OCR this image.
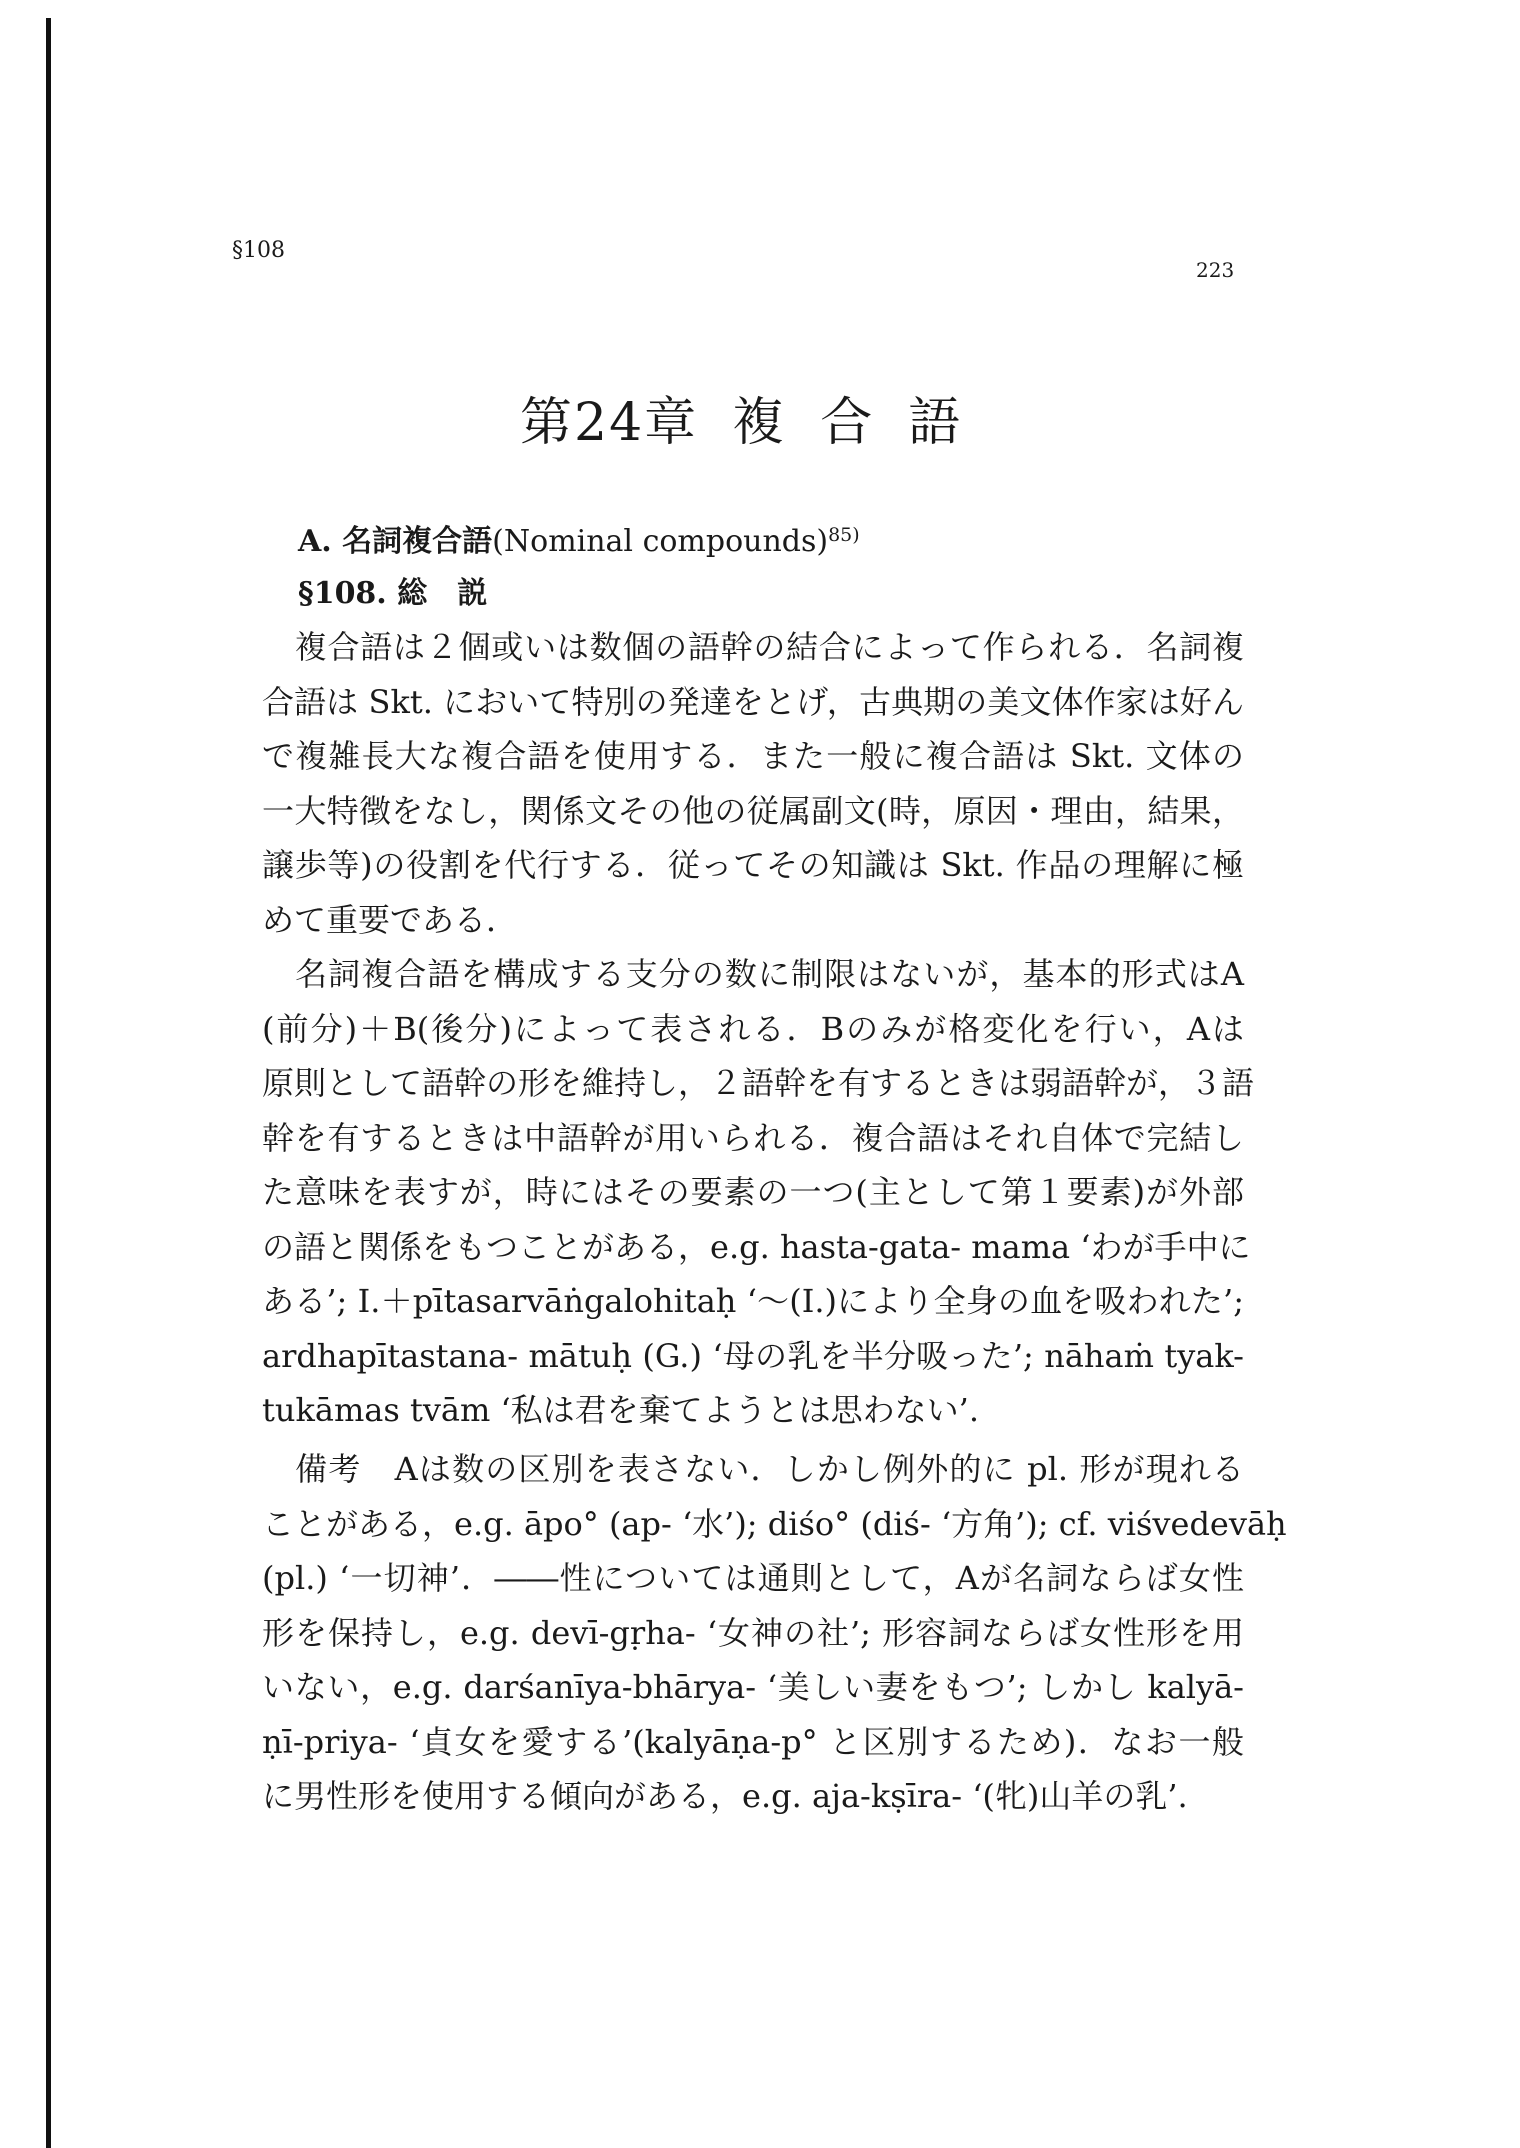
§108
223
第24章 複 合 語
A. 名詞複合語(Nominal compounds)$^{85)}$
§108. 総　説
　複合語は２個或いは数個の語幹の結合によって作られる．名詞複
合語は Skt. において特別の発達をとげ，古典期の美文体作家は好ん
で複雑長大な複合語を使用する．また一般に複合語は Skt. 文体の
一大特徴をなし，関係文その他の従属副文(時，原因・理由，結果，
譲歩等)の役割を代行する．従ってその知識は Skt. 作品の理解に極
めて重要である．
　名詞複合語を構成する支分の数に制限はないが，基本的形式はA
(前分)＋B(後分)によって表される．Bのみが格変化を行い，Aは
原則として語幹の形を維持し，２語幹を有するときは弱語幹が，３語
幹を有するときは中語幹が用いられる．複合語はそれ自体で完結し
た意味を表すが，時にはその要素の一つ(主として第１要素)が外部
の語と関係をもつことがある，e.g. hasta-gata- mama ‘わが手中に
ある’; I.＋pītasarvāṅgalohitaḥ ‘～(I.)により全身の血を吸われた’;
ardhapītastana- mātuḥ (G.) ‘母の乳を半分吸った’; nāhaṁ tyak-
tukāmas tvām ‘私は君を棄てようとは思わない’.
　備考　Aは数の区別を表さない．しかし例外的に pl. 形が現れる
ことがある，e.g. āpo° (ap- ‘水’); diśo° (diś- ‘方角’); cf. viśvedevāḥ
(pl.) ‘一切神’．――性については通則として，Aが名詞ならば女性
形を保持し，e.g. devī-gṛha- ‘女神の社’; 形容詞ならば女性形を用
いない，e.g. darśanīya-bhārya- ‘美しい妻をもつ’; しかし kalyā-
ṇī-priya- ‘貞女を愛する’(kalyāṇa-p° と区別するため)．なお一般
に男性形を使用する傾向がある，e.g. aja-kṣīra- ‘(牝)山羊の乳’.
